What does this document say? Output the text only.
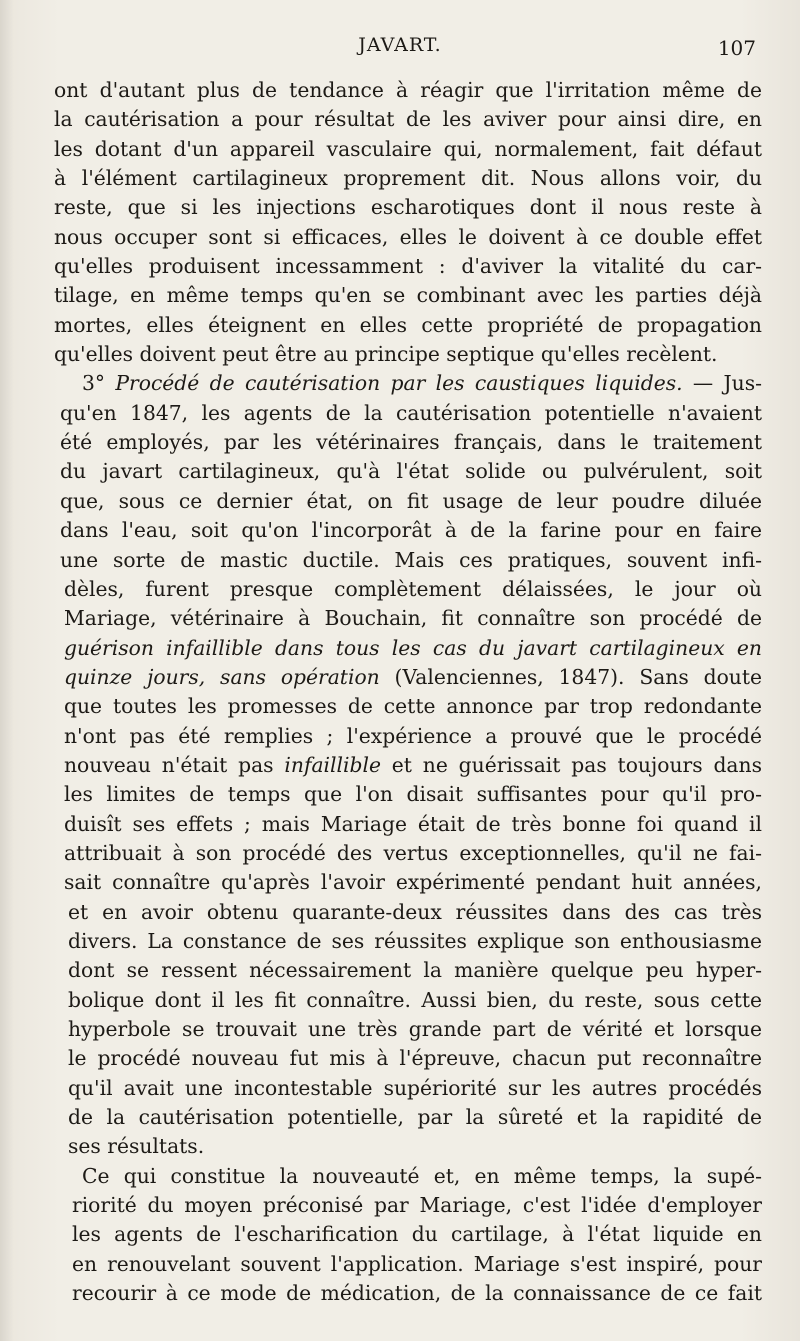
JAVART.	107
ont d'autant plus de tendance à réagir que l'irritation même de
la cautérisation a pour résultat de les aviver pour ainsi dire, en
les dotant d'un appareil vasculaire qui, normalement, fait défaut
à l'élément cartilagineux proprement dit. Nous allons voir, du
reste, que si les injections escharotiques dont il nous reste à
nous occuper sont si efficaces, elles le doivent à ce double effet
qu'elles produisent incessamment : d'aviver la vitalité du car-
tilage, en même temps qu'en se combinant avec les parties déjà
mortes, elles éteignent en elles cette propriété de propagation
qu'elles doivent peut être au principe septique qu'elles recèlent.
3° Procédé de cautérisation par les caustiques liquides. — Jus-
qu'en 1847, les agents de la cautérisation potentielle n'avaient
été employés, par les vétérinaires français, dans le traitement
du javart cartilagineux, qu'à l'état solide ou pulvérulent, soit
que, sous ce dernier état, on fit usage de leur poudre diluée
dans l'eau, soit qu'on l'incorporât à de la farine pour en faire
une sorte de mastic ductile. Mais ces pratiques, souvent infi-
dèles, furent presque complètement délaissées, le jour où
Mariage, vétérinaire à Bouchain, fit connaître son procédé de
guérison infaillible dans tous les cas du javart cartilagineux en
quinze jours, sans opération (Valenciennes, 1847). Sans doute
que toutes les promesses de cette annonce par trop redondante
n'ont pas été remplies ; l'expérience a prouvé que le procédé
nouveau n'était pas infaillible et ne guérissait pas toujours dans
les limites de temps que l'on disait suffisantes pour qu'il pro-
duisît ses effets ; mais Mariage était de très bonne foi quand il
attribuait à son procédé des vertus exceptionnelles, qu'il ne fai-
sait connaître qu'après l'avoir expérimenté pendant huit années,
et en avoir obtenu quarante-deux réussites dans des cas très
divers. La constance de ses réussites explique son enthousiasme
dont se ressent nécessairement la manière quelque peu hyper-
bolique dont il les fit connaître. Aussi bien, du reste, sous cette
hyperbole se trouvait une très grande part de vérité et lorsque
le procédé nouveau fut mis à l'épreuve, chacun put reconnaître
qu'il avait une incontestable supériorité sur les autres procédés
de la cautérisation potentielle, par la sûreté et la rapidité de
ses résultats.
Ce qui constitue la nouveauté et, en même temps, la supé-
riorité du moyen préconisé par Mariage, c'est l'idée d'employer
les agents de l'escharification du cartilage, à l'état liquide en
en renouvelant souvent l'application. Mariage s'est inspiré, pour
recourir à ce mode de médication, de la connaissance de ce fait
